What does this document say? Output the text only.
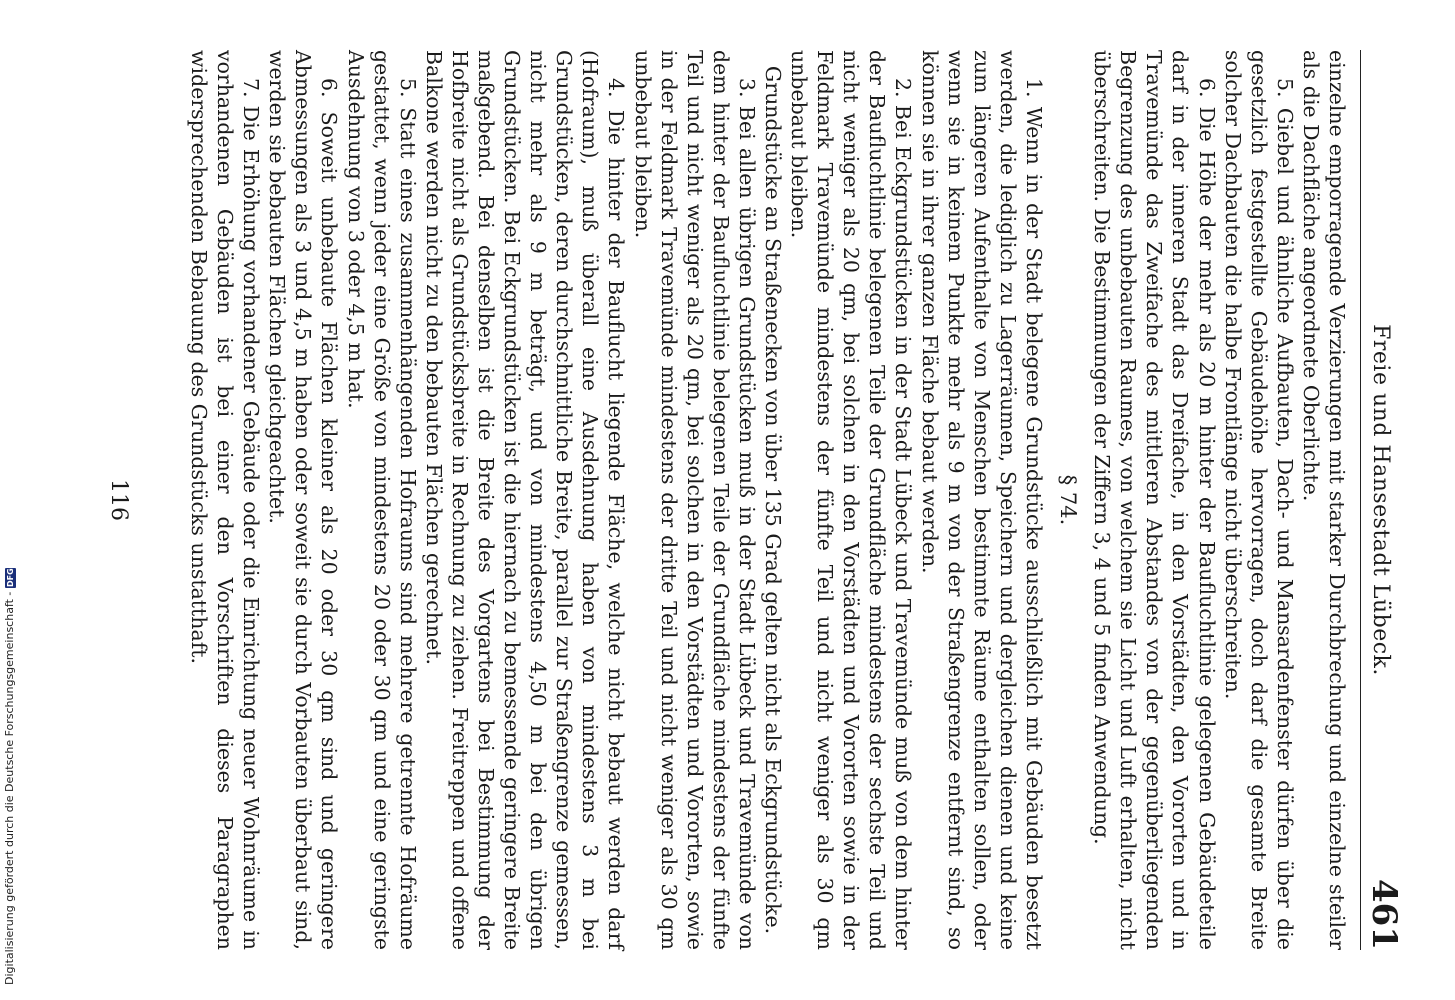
Freie und Hansestadt Lübeck.
461

einzelne emporragende Verzierungen mit starker Durchbrechung und einzelne steiler als die Dachfläche angeordnete Oberlichte.

5. Giebel und ähnliche Aufbauten, Dach- und Mansardenfenster dürfen über die gesetzlich festgestellte Gebäudehöhe hervorragen, doch darf die gesamte Breite solcher Dachbauten die halbe Frontlänge nicht überschreiten.

6. Die Höhe der mehr als 20 m hinter der Baufluchtlinie gelegenen Gebäudeteile darf in der inneren Stadt das Dreifache, in den Vorstädten, den Vororten und in Travemünde das Zweifache des mittleren Abstandes von der gegenüberliegenden Begrenzung des unbebauten Raumes, von welchem sie Licht und Luft erhalten, nicht überschreiten. Die Bestimmungen der Ziffern 3, 4 und 5 finden Anwendung.

§ 74.

1. Wenn in der Stadt belegene Grundstücke ausschließlich mit Gebäuden besetzt werden, die lediglich zu Lagerräumen, Speichern und dergleichen dienen und keine zum längeren Aufenthalte von Menschen bestimmte Räume enthalten sollen, oder wenn sie in keinem Punkte mehr als 9 m von der Straßengrenze entfernt sind, so können sie in ihrer ganzen Fläche bebaut werden.

2. Bei Eckgrundstücken in der Stadt Lübeck und Travemünde muß von dem hinter der Baufluchtlinie belegenen Teile der Grundfläche mindestens der sechste Teil und nicht weniger als 20 qm, bei solchen in den Vorstädten und Vororten sowie in der Feldmark Travemünde mindestens der fünfte Teil und nicht weniger als 30 qm unbebaut bleiben.

Grundstücke an Straßenecken von über 135 Grad gelten nicht als Eckgrundstücke.

3. Bei allen übrigen Grundstücken muß in der Stadt Lübeck und Travemünde von dem hinter der Baufluchtlinie belegenen Teile der Grundfläche mindestens der fünfte Teil und nicht weniger als 20 qm, bei solchen in den Vorstädten und Vororten, sowie in der Feldmark Travemünde mindestens der dritte Teil und nicht weniger als 30 qm unbebaut bleiben.

4. Die hinter der Bauflucht liegende Fläche, welche nicht bebaut werden darf (Hofraum), muß überall eine Ausdehnung haben von mindestens 3 m bei Grundstücken, deren durchschnittliche Breite, parallel zur Straßengrenze gemessen, nicht mehr als 9 m beträgt, und von mindestens 4,50 m bei den übrigen Grundstücken. Bei Eckgrundstücken ist die hiernach zu bemessende geringere Breite maßgebend. Bei denselben ist die Breite des Vorgartens bei Bestimmung der Hofbreite nicht als Grundstücksbreite in Rechnung zu ziehen. Freitreppen und offene Balkone werden nicht zu den bebauten Flächen gerechnet.

5. Statt eines zusammenhängenden Hofraums sind mehrere getrennte Hofräume gestattet, wenn jeder eine Größe von mindestens 20 oder 30 qm und eine geringste Ausdehnung von 3 oder 4,5 m hat.

6. Soweit unbebaute Flächen kleiner als 20 oder 30 qm sind und geringere Abmessungen als 3 und 4,5 m haben oder soweit sie durch Vorbauten überbaut sind, werden sie bebauten Flächen gleichgeachtet.

7. Die Erhöhung vorhandener Gebäude oder die Einrichtung neuer Wohnräume in vorhandenen Gebäuden ist bei einer den Vorschriften dieses Paragraphen widersprechenden Bebauung des Grundstücks unstatthaft.

116
Digitalisierung gefördert durch die Deutsche Forschungsgemeinschaft -
DFG
